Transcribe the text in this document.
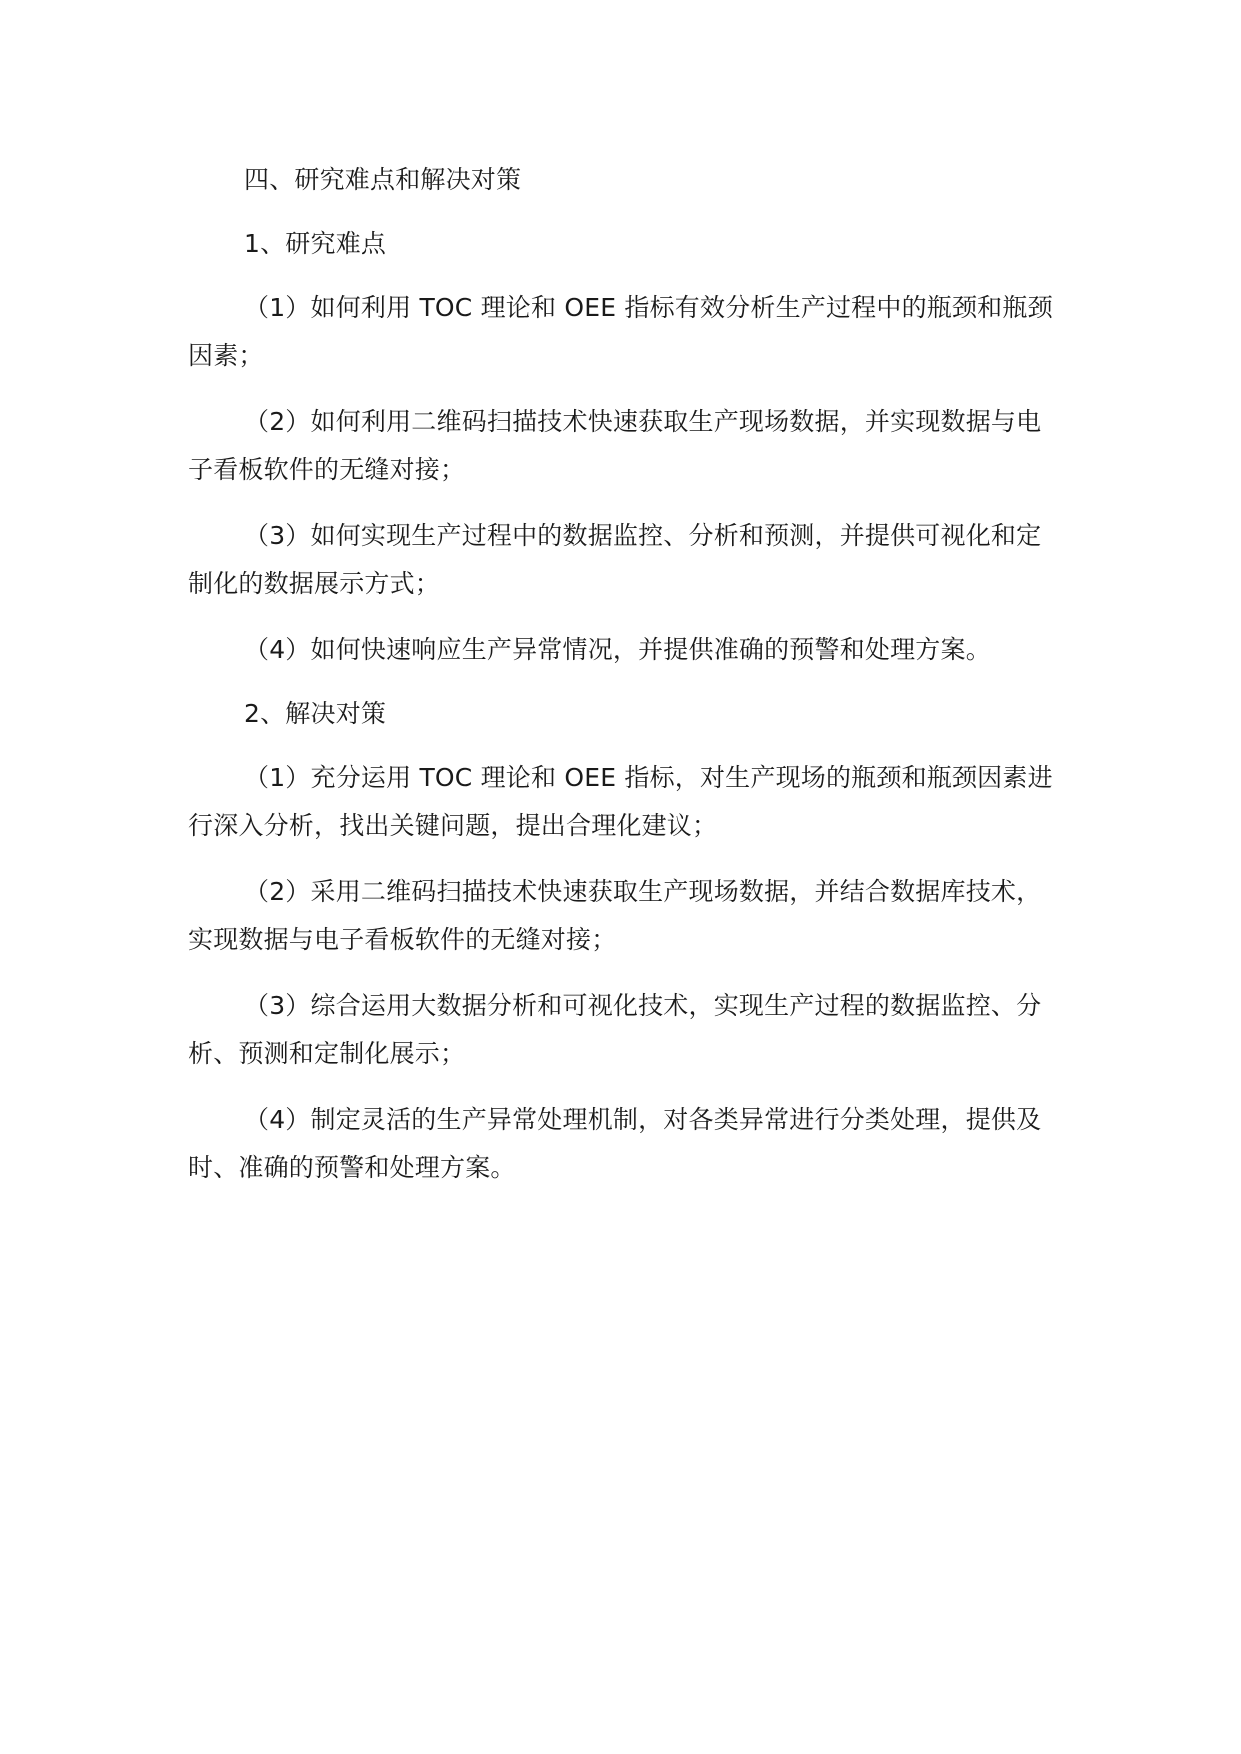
四、研究难点和解决对策

1、研究难点

（1）如何利用 TOC 理论和 OEE 指标有效分析生产过程中的瓶颈和瓶颈因素；

（2）如何利用二维码扫描技术快速获取生产现场数据，并实现数据与电子看板软件的无缝对接；

（3）如何实现生产过程中的数据监控、分析和预测，并提供可视化和定制化的数据展示方式；

（4）如何快速响应生产异常情况，并提供准确的预警和处理方案。

2、解决对策

（1）充分运用 TOC 理论和 OEE 指标，对生产现场的瓶颈和瓶颈因素进行深入分析，找出关键问题，提出合理化建议；

（2）采用二维码扫描技术快速获取生产现场数据，并结合数据库技术，实现数据与电子看板软件的无缝对接；

（3）综合运用大数据分析和可视化技术，实现生产过程的数据监控、分析、预测和定制化展示；

（4）制定灵活的生产异常处理机制，对各类异常进行分类处理，提供及时、准确的预警和处理方案。
